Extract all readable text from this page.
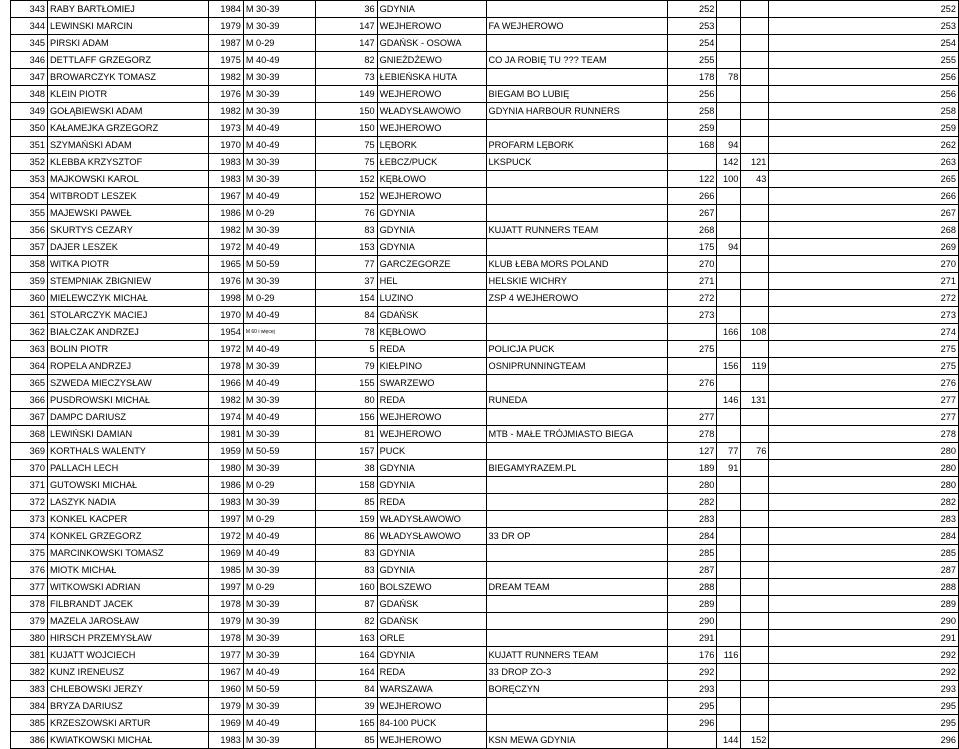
343	RABY BARTŁOMIEJ	1984	M 30-39	36	GDYNIA		252			252
344	LEWINSKI MARCIN	1979	M 30-39	147	WEJHEROWO	FA WEJHEROWO	253			253
345	PIRSKI ADAM	1987	M 0-29	147	GDAŃSK - OSOWA		254			254
346	DETTLAFF GRZEGORZ	1975	M 40-49	82	GNIEŻDŻEWO	CO JA ROBIĘ TU ??? TEAM	255			255
347	BROWARCZYK TOMASZ	1982	M 30-39	73	ŁEBIEŃSKA HUTA		178	78		256
348	KLEIN PIOTR	1976	M 30-39	149	WEJHEROWO	BIEGAM BO LUBIĘ	256			256
349	GOŁĄBIEWSKI ADAM	1982	M 30-39	150	WŁADYSŁAWOWO	GDYNIA HARBOUR RUNNERS	258			258
350	KAŁAMEJKA GRZEGORZ	1973	M 40-49	150	WEJHEROWO		259			259
351	SZYMAŃSKI ADAM	1970	M 40-49	75	LĘBORK	PROFARM LĘBORK	168	94		262
352	KLEBBA KRZYSZTOF	1983	M 30-39	75	ŁEBCZ/PUCK	LKSPUCK		142	121	263
353	MAJKOWSKI KAROL	1983	M 30-39	152	KĘBŁOWO		122	100	43	265
354	WITBRODT LESZEK	1967	M 40-49	152	WEJHEROWO		266			266
355	MAJEWSKI PAWEŁ	1986	M 0-29	76	GDYNIA		267			267
356	SKURTYS CEZARY	1982	M 30-39	83	GDYNIA	KUJATT RUNNERS TEAM	268			268
357	DAJER LESZEK	1972	M 40-49	153	GDYNIA		175	94		269
358	WITKA PIOTR	1965	M 50-59	77	GARCZEGORZE	KLUB ŁEBA MORS POLAND	270			270
359	STEMPNIAK ZBIGNIEW	1976	M 30-39	37	HEL	HELSKIE WICHRY	271			271
360	MIELEWCZYK MICHAŁ	1998	M 0-29	154	LUZINO	ZSP 4 WEJHEROWO	272			272
361	STOLARCZYK MACIEJ	1970	M 40-49	84	GDAŃSK		273			273
362	BIAŁCZAK ANDRZEJ	1954	M 60 i więcej	78	KĘBŁOWO			166	108	274
363	BOLIN PIOTR	1972	M 40-49	5	REDA	POLICJA PUCK	275			275
364	ROPELA ANDRZEJ	1978	M 30-39	79	KIEŁPINO	OSNIPRUNNINGTEAM		156	119	275
365	SZWEDA MIECZYSŁAW	1966	M 40-49	155	SWARZEWO		276			276
366	PUSDROWSKI MICHAŁ	1982	M 30-39	80	REDA	RUNEDA		146	131	277
367	DAMPC DARIUSZ	1974	M 40-49	156	WEJHEROWO		277			277
368	LEWIŃSKI DAMIAN	1981	M 30-39	81	WEJHEROWO	MTB - MAŁE TRÓJMIASTO BIEGA	278			278
369	KORTHALS WALENTY	1959	M 50-59	157	PUCK		127	77	76	280
370	PALLACH LECH	1980	M 30-39	38	GDYNIA	BIEGAMYRAZEM.PL	189	91		280
371	GUTOWSKI MICHAŁ	1986	M 0-29	158	GDYNIA		280			280
372	LASZYK NADIA	1983	M 30-39	85	REDA		282			282
373	KONKEL KACPER	1997	M 0-29	159	WŁADYSŁAWOWO		283			283
374	KONKEL GRZEGORZ	1972	M 40-49	86	WŁADYSŁAWOWO	33 DR OP	284			284
375	MARCINKOWSKI TOMASZ	1969	M 40-49	83	GDYNIA		285			285
376	MIOTK MICHAŁ	1985	M 30-39	83	GDYNIA		287			287
377	WITKOWSKI ADRIAN	1997	M 0-29	160	BOLSZEWO	DREAM TEAM	288			288
378	FILBRANDT JACEK	1978	M 30-39	87	GDAŃSK		289			289
379	MAZELA JAROSŁAW	1979	M 30-39	82	GDAŃSK		290			290
380	HIRSCH PRZEMYSŁAW	1978	M 30-39	163	ORLE		291			291
381	KUJATT WOJCIECH	1977	M 30-39	164	GDYNIA	KUJATT RUNNERS TEAM	176	116		292
382	KUNZ IRENEUSZ	1967	M 40-49	164	REDA	33 DROP ZO-3	292			292
383	CHLEBOWSKI JERZY	1960	M 50-59	84	WARSZAWA	BORĘCZYN	293			293
384	BRYZA DARIUSZ	1979	M 30-39	39	WEJHEROWO		295			295
385	KRZESZOWSKI ARTUR	1969	M 40-49	165	84-100 PUCK		296			295
386	KWIATKOWSKI MICHAŁ	1983	M 30-39	85	WEJHEROWO	KSN MEWA GDYNIA		144	152	296
